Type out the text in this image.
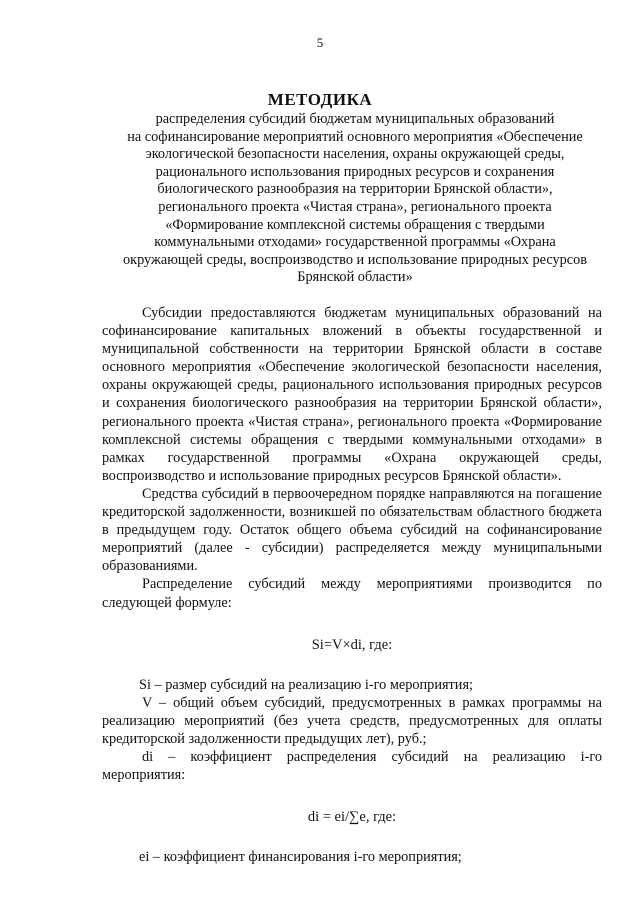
5
МЕТОДИКА
распределения субсидий бюджетам муниципальных образований
на софинансирование мероприятий основного мероприятия «Обеспечение
экологической безопасности населения, охраны окружающей среды,
рационального использования природных ресурсов и сохранения
биологического разнообразия на территории Брянской области»,
регионального проекта «Чистая страна», регионального проекта
«Формирование комплексной системы обращения с твердыми
коммунальными отходами» государственной программы «Охрана
окружающей среды, воспроизводство и использование природных ресурсов
Брянской области»

Субсидии предоставляются бюджетам муниципальных образований на софинансирование капитальных вложений в объекты государственной и муниципальной собственности на территории Брянской области в составе основного мероприятия «Обеспечение экологической безопасности населения, охраны окружающей среды, рационального использования природных ресурсов и сохранения биологического разнообразия на территории Брянской области», регионального проекта «Чистая страна», регионального проекта «Формирование комплексной системы обращения с твердыми коммунальными отходами» в рамках государственной программы «Охрана окружающей среды, воспроизводство и использование природных ресурсов Брянской области».

Средства субсидий в первоочередном порядке направляются на погашение кредиторской задолженности, возникшей по обязательствам областного бюджета в предыдущем году. Остаток общего объема субсидий на софинансирование мероприятий (далее - субсидии) распределяется между муниципальными образованиями.

Распределение субсидий между мероприятиями производится по следующей формуле:

Si=V×di, где:

Si – размер субсидий на реализацию i-го мероприятия;

V – общий объем субсидий, предусмотренных в рамках программы на реализацию мероприятий (без учета средств, предусмотренных для оплаты кредиторской задолженности предыдущих лет), руб.;

di – коэффициент распределения субсидий на реализацию i-го мероприятия:

di = ei/∑e, где:

ei – коэффициент финансирования i-го мероприятия;
